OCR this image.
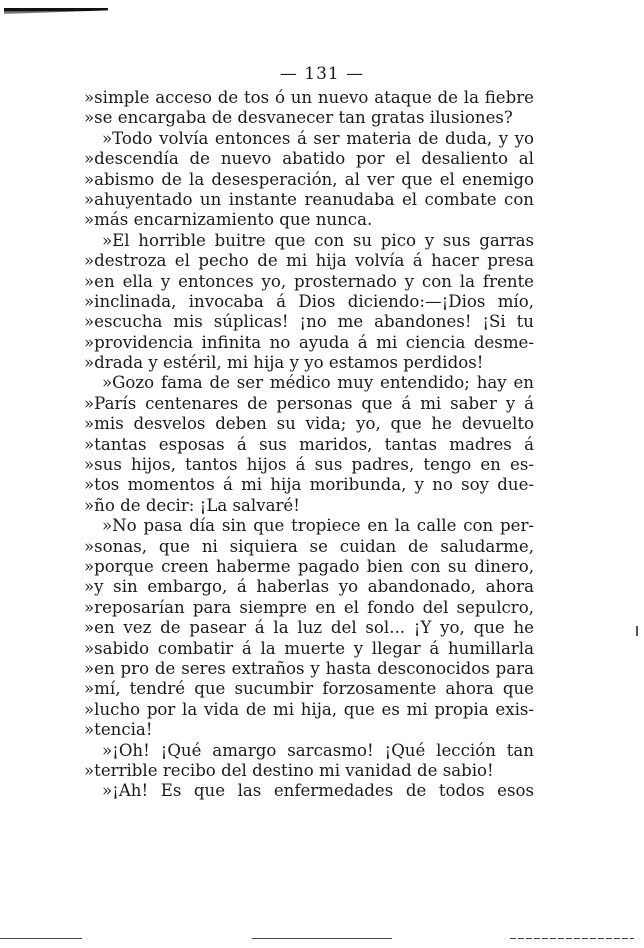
— 131 —
»simple acceso de tos ó un nuevo ataque de la fiebre
»se encargaba de desvanecer tan gratas ilusiones?
»Todo volvía entonces á ser materia de duda, y yo
»descendía de nuevo abatido por el desaliento al
»abismo de la desesperación, al ver que el enemigo
»ahuyentado un instante reanudaba el combate con
»más encarnizamiento que nunca.
»El horrible buitre que con su pico y sus garras
»destroza el pecho de mi hija volvía á hacer presa
»en ella y entonces yo, prosternado y con la frente
»inclinada, invocaba á Dios diciendo:—¡Dios mío,
»escucha mis súplicas! ¡no me abandones! ¡Si tu
»providencia infinita no ayuda á mi ciencia desme-
»drada y estéril, mi hija y yo estamos perdidos!
»Gozo fama de ser médico muy entendido; hay en
»París centenares de personas que á mi saber y á
»mis desvelos deben su vida; yo, que he devuelto
»tantas esposas á sus maridos, tantas madres á
»sus hijos, tantos hijos á sus padres, tengo en es-
»tos momentos á mi hija moribunda, y no soy due-
»ño de decir: ¡La salvaré!
»No pasa día sin que tropiece en la calle con per-
»sonas, que ni siquiera se cuidan de saludarme,
»porque creen haberme pagado bien con su dinero,
»y sin embargo, á haberlas yo abandonado, ahora
»reposarían para siempre en el fondo del sepulcro,
»en vez de pasear á la luz del sol... ¡Y yo, que he
»sabido combatir á la muerte y llegar á humillarla
»en pro de seres extraños y hasta desconocidos para
»mí, tendré que sucumbir forzosamente ahora que
»lucho por la vida de mi hija, que es mi propia exis-
»tencia!
»¡Oh! ¡Qué amargo sarcasmo! ¡Qué lección tan
»terrible recibo del destino mi vanidad de sabio!
»¡Ah! Es que las enfermedades de todos esos
